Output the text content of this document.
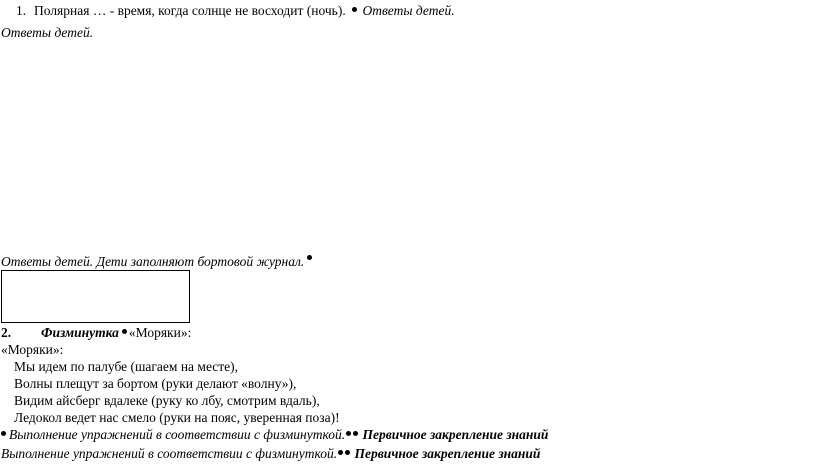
1. Полярная … - время, когда солнце не восходит (ночь). Ответы детей.
Ответы детей.
Ответы детей. Дети заполняют бортовой журнал.
2. Физминутка «Моряки»:
«Моряки»:
Мы идем по палубе (шагаем на месте),
Волны плещут за бортом (руки делают «волну»),
Видим айсберг вдалеке (руку ко лбу, смотрим вдаль),
Ледокол ведет нас смело (руки на пояс, уверенная поза)!
Выполнение упражнений в соответствии с физминуткой. Первичное закрепление знаний
Выполнение упражнений в соответствии с физминуткой. Первичное закрепление знаний
